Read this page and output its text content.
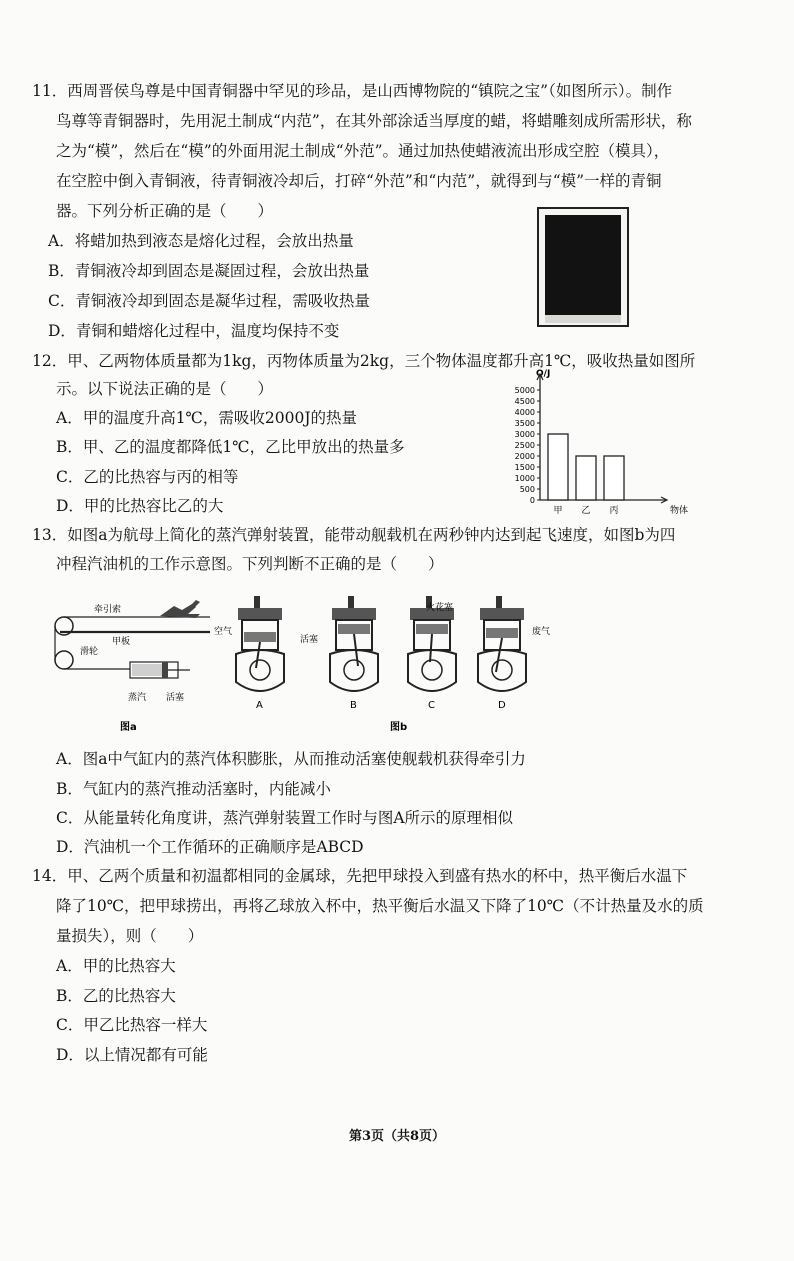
11．西周晋侯鸟尊是中国青铜器中罕见的珍品，是山西博物院的“镇院之宝”（如图所示）。制作
鸟尊等青铜器时，先用泥土制成“内范”，在其外部涂适当厚度的蜡，将蜡雕刻成所需形状，称
之为“模”，然后在“模”的外面用泥土制成“外范”。通过加热使蜡液流出形成空腔（模具），
在空腔中倒入青铜液，待青铜液冷却后，打碎“外范”和“内范”，就得到与“模”一样的青铜
器。下列分析正确的是（　　）
A．将蜡加热到液态是熔化过程，会放出热量
B．青铜液冷却到固态是凝固过程，会放出热量
C．青铜液冷却到固态是凝华过程，需吸收热量
D．青铜和蜡熔化过程中，温度均保持不变
12．甲、乙两物体质量都为1kg，丙物体质量为2kg，三个物体温度都升高1℃，吸收热量如图所
示。以下说法正确的是（　　）
A．甲的温度升高1℃，需吸收2000J的热量
B．甲、乙的温度都降低1℃，乙比甲放出的热量多
C．乙的比热容与丙的相等
D．甲的比热容比乙的大
Q/J
物体
0
500
1000
1500
2000
2500
3000
3500
4000
4500
5000
甲 乙 丙
13．如图a为航母上简化的蒸汽弹射装置，能带动舰载机在两秒钟内达到起飞速度，如图b为四
冲程汽油机的工作示意图。下列判断不正确的是（　　）
牵引索
甲板
滑轮
蒸汽 活塞
图a
空气
活塞
火花塞
废气
A	B	C	D
图b
A．图a中气缸内的蒸汽体积膨胀，从而推动活塞使舰载机获得牵引力
B．气缸内的蒸汽推动活塞时，内能减小
C．从能量转化角度讲，蒸汽弹射装置工作时与图A所示的原理相似
D．汽油机一个工作循环的正确顺序是ABCD
14．甲、乙两个质量和初温都相同的金属球，先把甲球投入到盛有热水的杯中，热平衡后水温下
降了10℃，把甲球捞出，再将乙球放入杯中，热平衡后水温又下降了10℃（不计热量及水的质
量损失），则（　　）
A．甲的比热容大
B．乙的比热容大
C．甲乙比热容一样大
D．以上情况都有可能
第3页（共8页）
